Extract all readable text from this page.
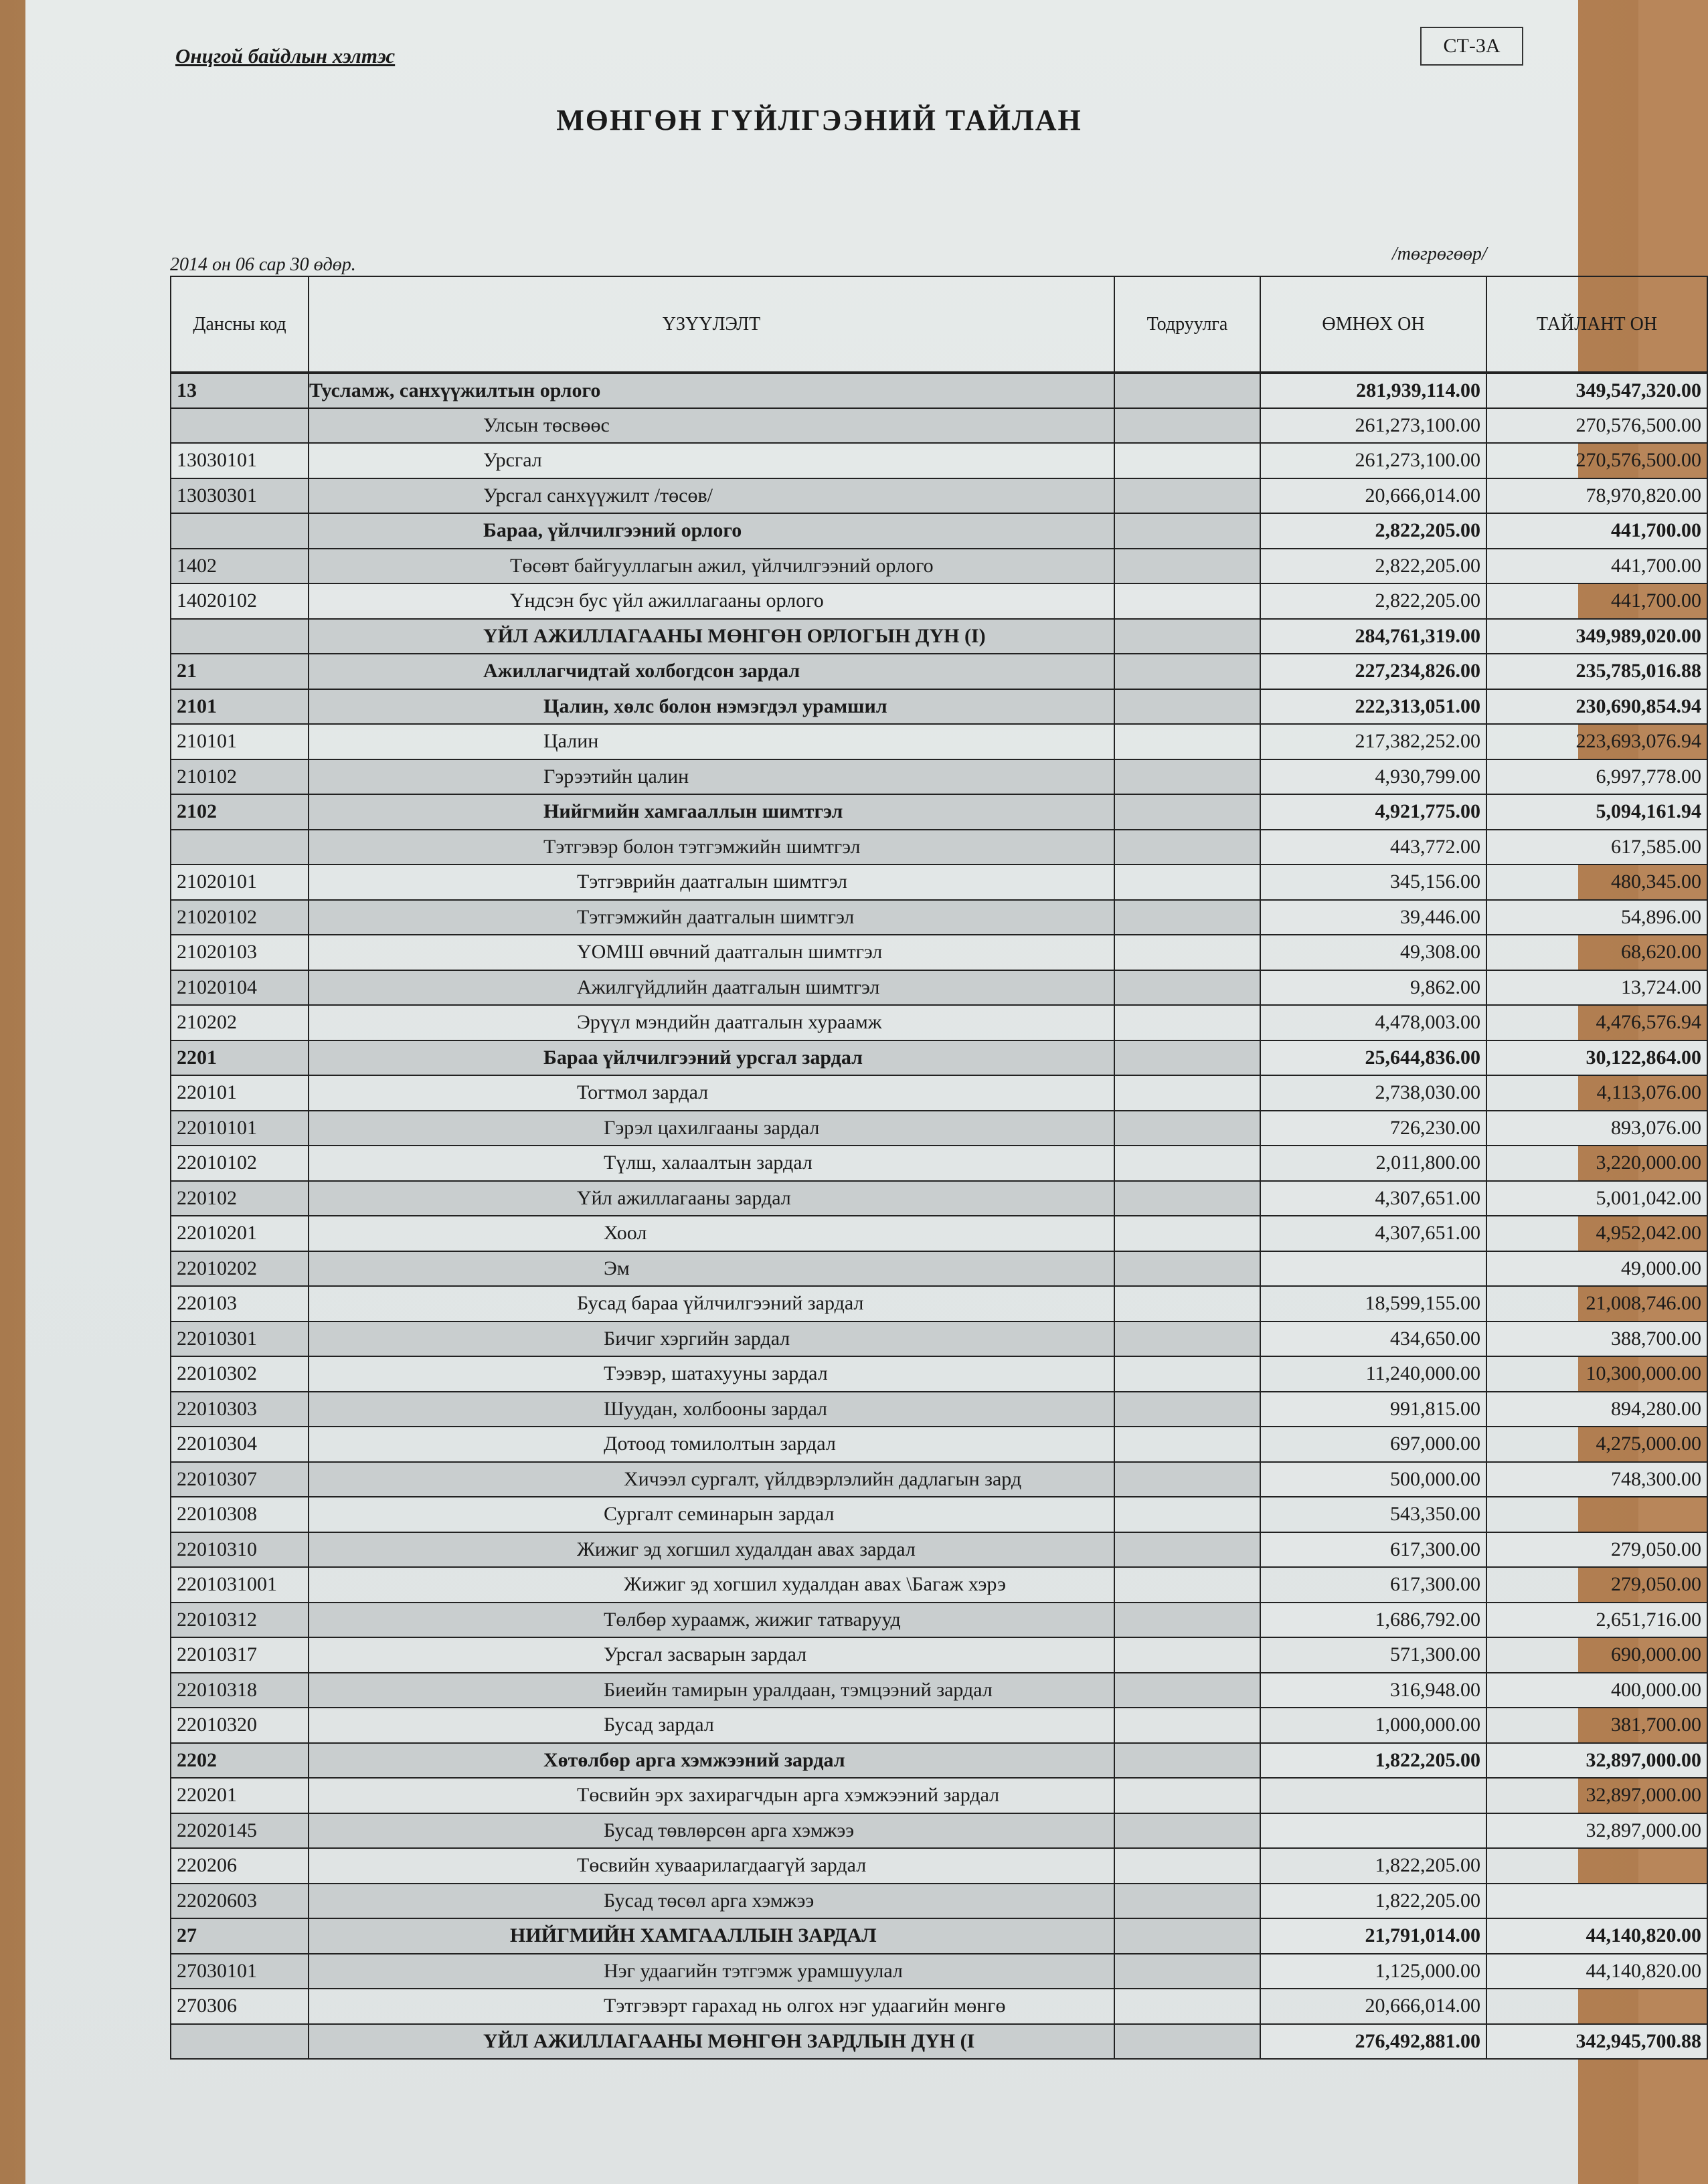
Онцгой байдлын хэлтэс	СТ-3А
МӨНГӨН ГҮЙЛГЭЭНИЙ ТАЙЛАН
2014 он 06 сар 30 өдөр.
/төгрөгөөр/
Дансны код	ҮЗҮҮЛЭЛТ	Тодруулга	ӨМНӨХ ОН	ТАЙЛАНТ ОН
13	Тусламж, санхүүжилтын орлого		281,939,114.00	349,547,320.00
	Улсын төсвөөс		261,273,100.00	270,576,500.00
13030101	Урсгал		261,273,100.00	270,576,500.00
13030301	Урсгал санхүүжилт /төсөв/		20,666,014.00	78,970,820.00
	Бараа, үйлчилгээний орлого		2,822,205.00	441,700.00
1402	Төсөвт байгууллагын ажил, үйлчилгээний орлого		2,822,205.00	441,700.00
14020102	Үндсэн бус үйл ажиллагааны орлого		2,822,205.00	441,700.00
	ҮЙЛ АЖИЛЛАГААНЫ МӨНГӨН ОРЛОГЫН ДҮН (I)		284,761,319.00	349,989,020.00
21	Ажиллагчидтай холбогдсон зардал		227,234,826.00	235,785,016.88
2101	Цалин, хөлс болон нэмэгдэл урамшил		222,313,051.00	230,690,854.94
210101	Цалин		217,382,252.00	223,693,076.94
210102	Гэрээтийн цалин		4,930,799.00	6,997,778.00
2102	Нийгмийн хамгааллын шимтгэл		4,921,775.00	5,094,161.94
	Тэтгэвэр болон тэтгэмжийн шимтгэл		443,772.00	617,585.00
21020101	Тэтгэврийн даатгалын шимтгэл		345,156.00	480,345.00
21020102	Тэтгэмжийн даатгалын шимтгэл		39,446.00	54,896.00
21020103	ҮОМШ өвчний даатгалын шимтгэл		49,308.00	68,620.00
21020104	Ажилгүйдлийн даатгалын шимтгэл		9,862.00	13,724.00
210202	Эрүүл мэндийн даатгалын хураамж		4,478,003.00	4,476,576.94
2201	Бараа үйлчилгээний урсгал зардал		25,644,836.00	30,122,864.00
220101	Тогтмол зардал		2,738,030.00	4,113,076.00
22010101	Гэрэл цахилгааны зардал		726,230.00	893,076.00
22010102	Түлш, халаалтын зардал		2,011,800.00	3,220,000.00
220102	Үйл ажиллагааны зардал		4,307,651.00	5,001,042.00
22010201	Хоол		4,307,651.00	4,952,042.00
22010202	Эм			49,000.00
220103	Бусад бараа үйлчилгээний зардал		18,599,155.00	21,008,746.00
22010301	Бичиг хэргийн зардал		434,650.00	388,700.00
22010302	Тээвэр, шатахууны зардал		11,240,000.00	10,300,000.00
22010303	Шуудан, холбооны зардал		991,815.00	894,280.00
22010304	Дотоод томилолтын зардал		697,000.00	4,275,000.00
22010307	Хичээл сургалт, үйлдвэрлэлийн дадлагын зард		500,000.00	748,300.00
22010308	Сургалт семинарын зардал		543,350.00	
22010310	Жижиг эд хогшил худалдан авах зардал		617,300.00	279,050.00
2201031001	Жижиг эд хогшил худалдан авах \Багаж хэрэ		617,300.00	279,050.00
22010312	Төлбөр хураамж, жижиг татварууд		1,686,792.00	2,651,716.00
22010317	Урсгал засварын зардал		571,300.00	690,000.00
22010318	Биеийн тамирын уралдаан, тэмцээний зардал		316,948.00	400,000.00
22010320	Бусад зардал		1,000,000.00	381,700.00
2202	Хөтөлбөр арга хэмжээний зардал		1,822,205.00	32,897,000.00
220201	Төсвийн эрх захирагчдын арга хэмжээний зардал			32,897,000.00
22020145	Бусад төвлөрсөн арга хэмжээ			32,897,000.00
220206	Төсвийн хуваарилагдаагүй зардал		1,822,205.00	
22020603	Бусад төсөл арга хэмжээ		1,822,205.00	
27	НИЙГМИЙН ХАМГААЛЛЫН ЗАРДАЛ		21,791,014.00	44,140,820.00
27030101	Нэг удаагийн тэтгэмж урамшуулал		1,125,000.00	44,140,820.00
270306	Тэтгэвэрт гарахад нь олгох нэг удаагийн мөнгө		20,666,014.00	
	ҮЙЛ АЖИЛЛАГААНЫ МӨНГӨН ЗАРДЛЫН ДҮН (I		276,492,881.00	342,945,700.88
